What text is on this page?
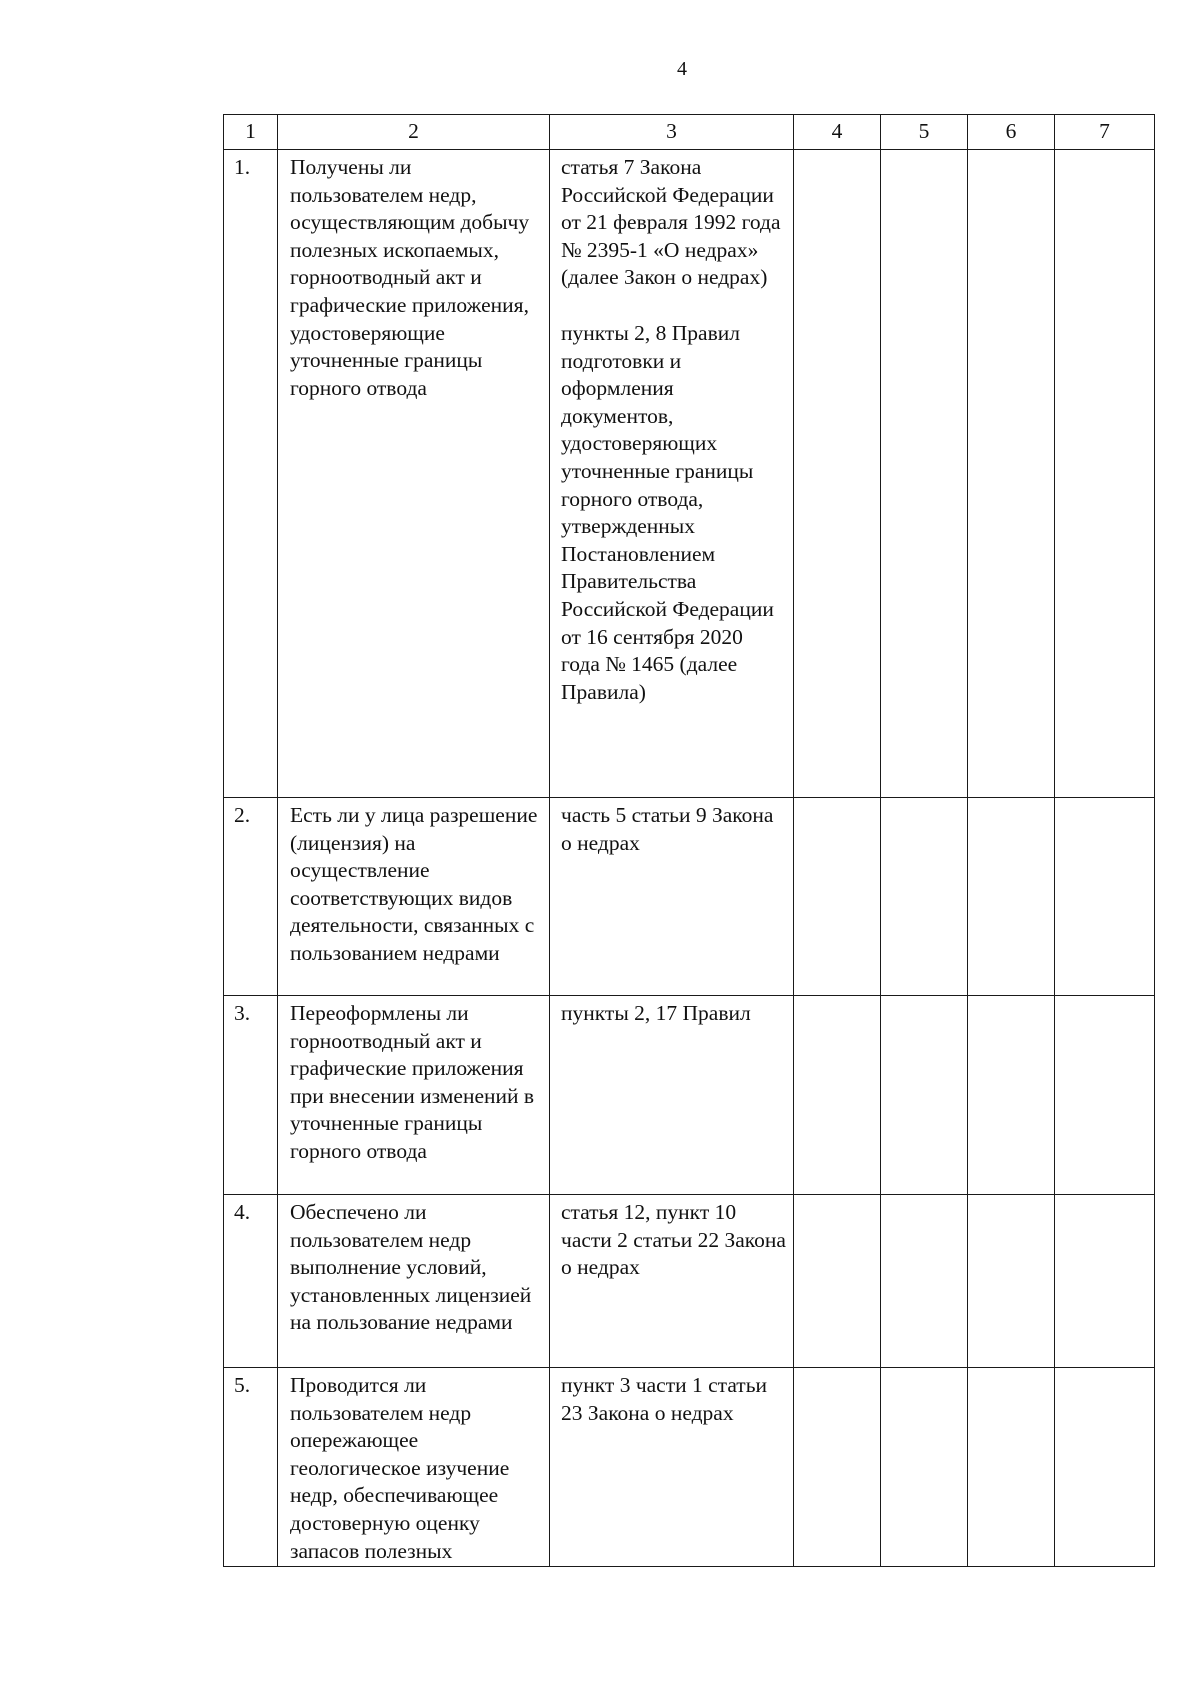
4
1	2	3	4	5	6	7
1.	Получены ли пользователем недр, осуществляющим добычу полезных ископаемых, горноотводный акт и графические приложения, удостоверяющие уточненные границы горного отвода	статья 7 Закона Российской Федерации от 21 февраля 1992 года № 2395-1 «О недрах» (далее Закон о недрах)
пункты 2, 8 Правил подготовки и оформления документов, удостоверяющих уточненные границы горного отвода, утвержденных Постановлением Правительства Российской Федерации от 16 сентября 2020 года № 1465 (далее Правила)				
2.	Есть ли у лица разрешение (лицензия) на осуществление соответствующих видов деятельности, связанных с пользованием недрами	часть 5 статьи 9 Закона о недрах				
3.	Переоформлены ли горноотводный акт и графические приложения при внесении изменений в уточненные границы горного отвода	пункты 2, 17 Правил				
4.	Обеспечено ли пользователем недр выполнение условий, установленных лицензией на пользование недрами	статья 12, пункт 10 части 2 статьи 22 Закона о недрах				
5.	Проводится ли пользователем недр опережающее геологическое изучение недр, обеспечивающее достоверную оценку запасов полезных	пункт 3 части 1 статьи 23 Закона о недрах				
